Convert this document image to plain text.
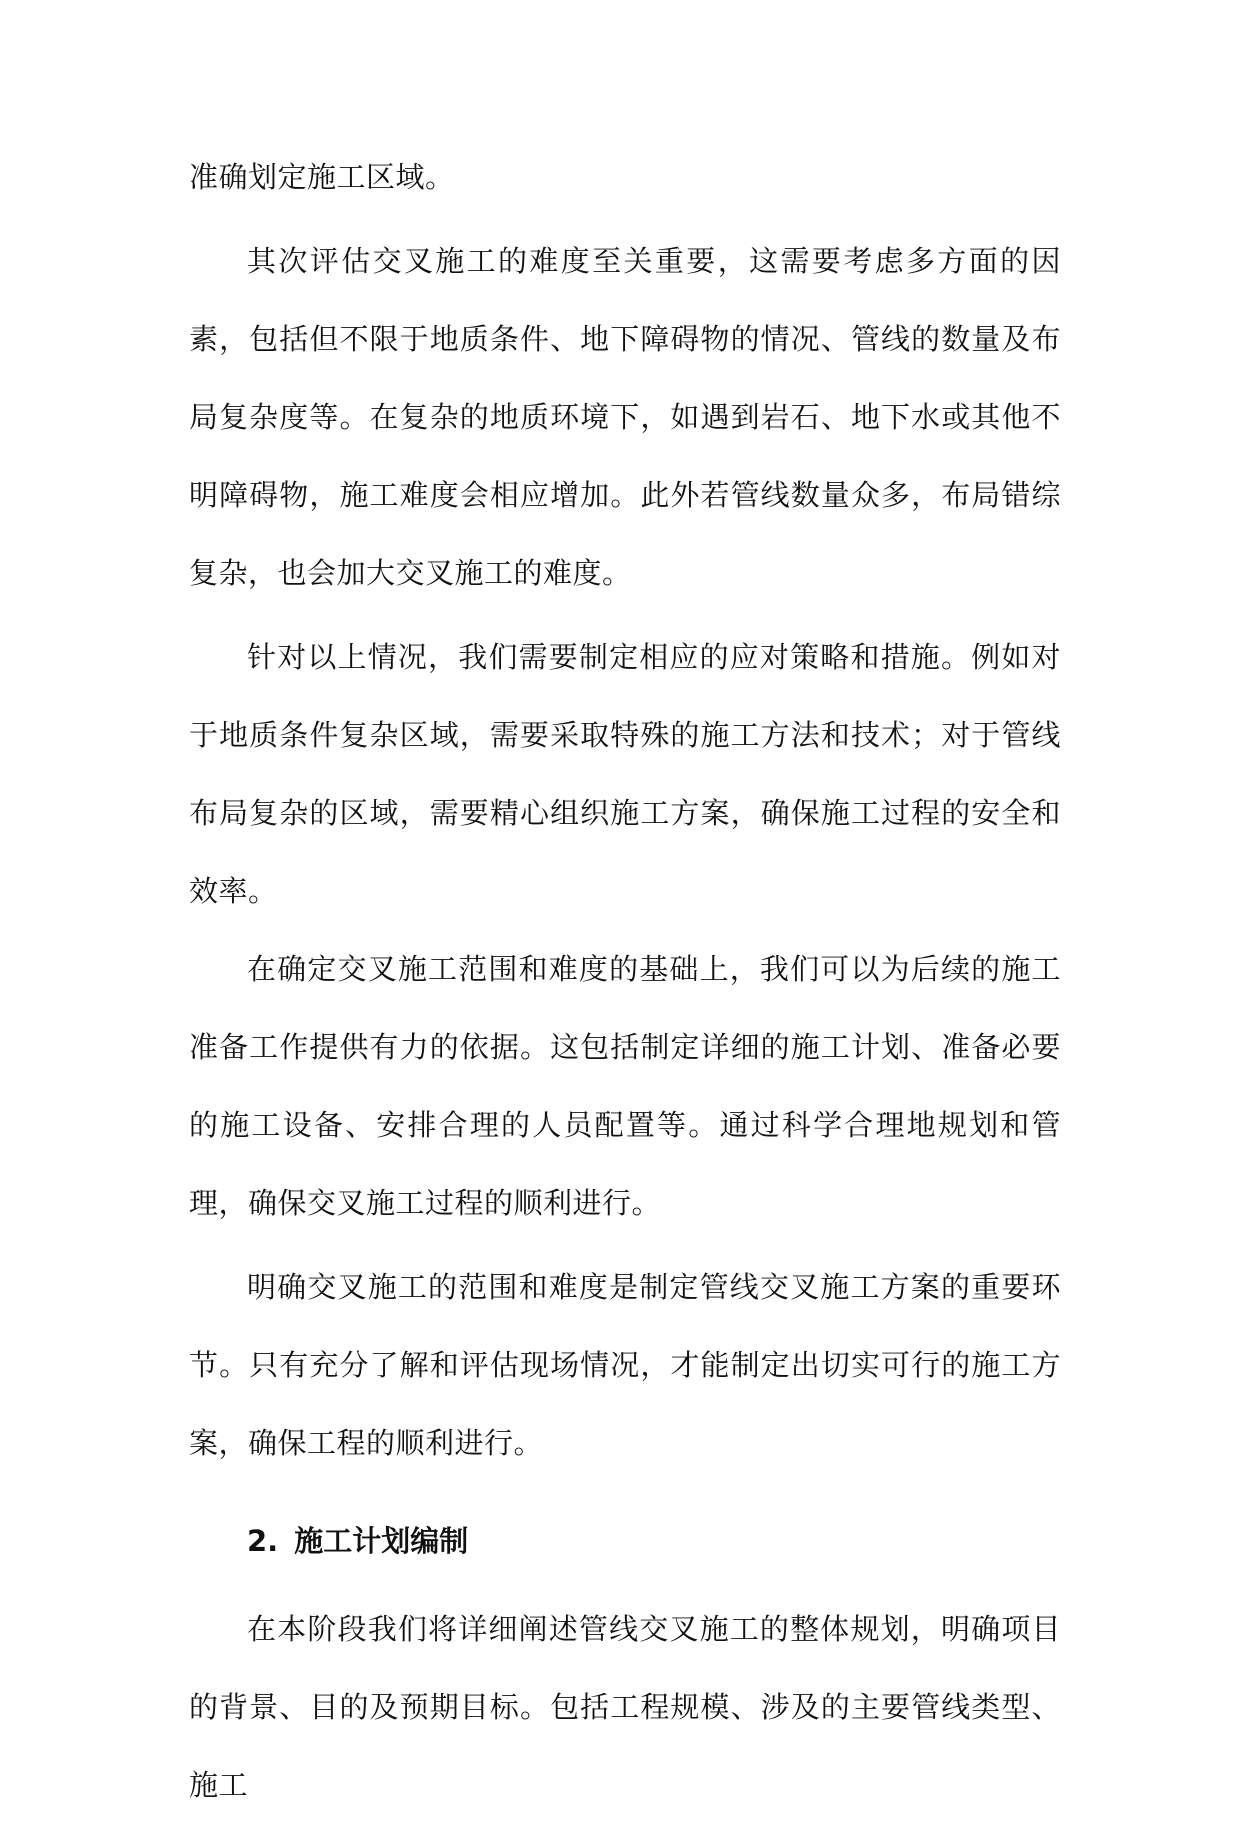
准确划定施工区域。

其次评估交叉施工的难度至关重要，这需要考虑多方面的因素，包括但不限于地质条件、地下障碍物的情况、管线的数量及布局复杂度等。在复杂的地质环境下，如遇到岩石、地下水或其他不明障碍物，施工难度会相应增加。此外若管线数量众多，布局错综复杂，也会加大交叉施工的难度。

针对以上情况，我们需要制定相应的应对策略和措施。例如对于地质条件复杂区域，需要采取特殊的施工方法和技术；对于管线布局复杂的区域，需要精心组织施工方案，确保施工过程的安全和效率。

在确定交叉施工范围和难度的基础上，我们可以为后续的施工准备工作提供有力的依据。这包括制定详细的施工计划、准备必要的施工设备、安排合理的人员配置等。通过科学合理地规划和管理，确保交叉施工过程的顺利进行。

明确交叉施工的范围和难度是制定管线交叉施工方案的重要环节。只有充分了解和评估现场情况，才能制定出切实可行的施工方案，确保工程的顺利进行。

2. 施工计划编制

在本阶段我们将详细阐述管线交叉施工的整体规划，明确项目的背景、目的及预期目标。包括工程规模、涉及的主要管线类型、施工
